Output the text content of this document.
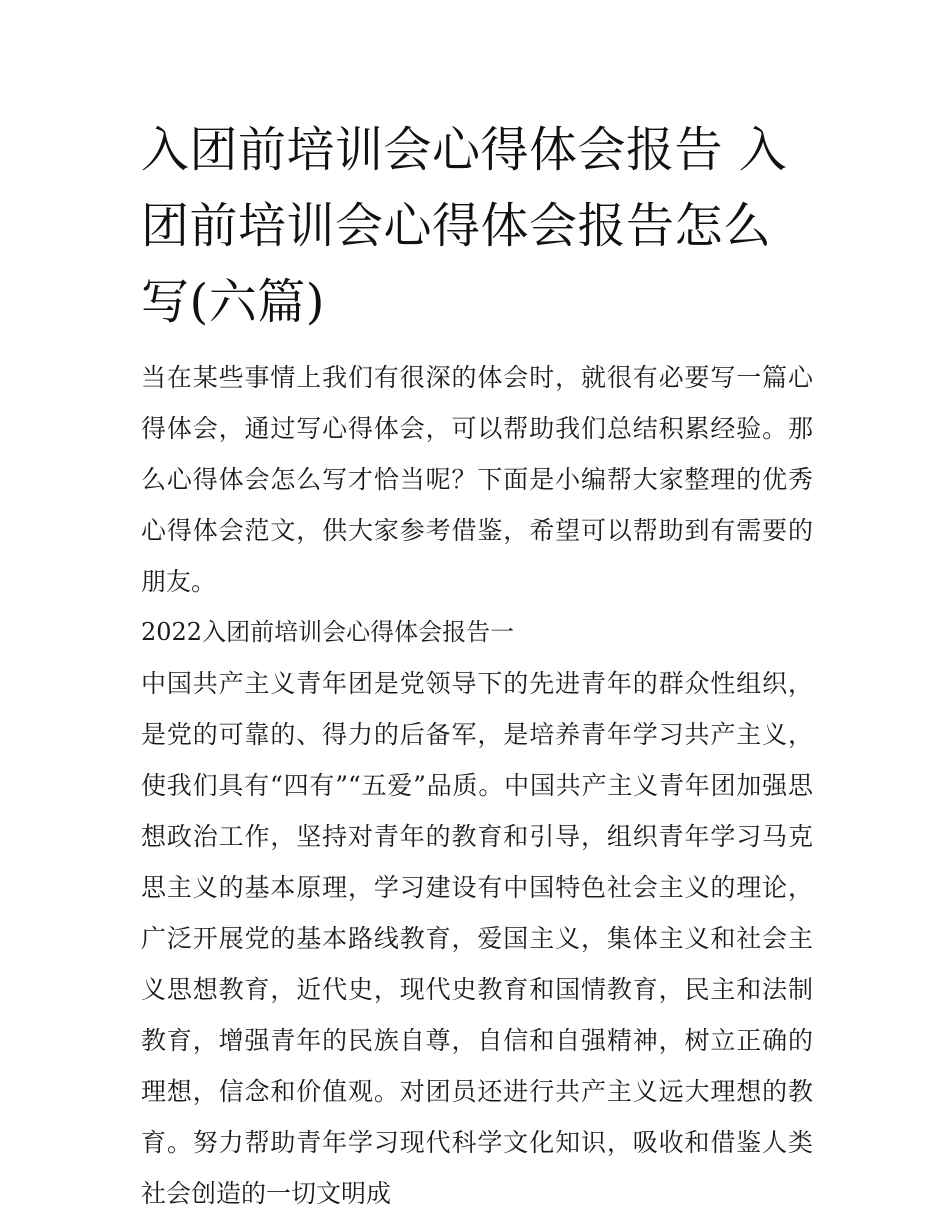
入团前培训会心得体会报告 入团前培训会心得体会报告怎么写(六篇)

当在某些事情上我们有很深的体会时，就很有必要写一篇心得体会，通过写心得体会，可以帮助我们总结积累经验。那么心得体会怎么写才恰当呢？下面是小编帮大家整理的优秀心得体会范文，供大家参考借鉴，希望可以帮助到有需要的朋友。

2022入团前培训会心得体会报告一

中国共产主义青年团是党领导下的先进青年的群众性组织，是党的可靠的、得力的后备军，是培养青年学习共产主义，使我们具有“四有”“五爱”品质。中国共产主义青年团加强思想政治工作，坚持对青年的教育和引导，组织青年学习马克思主义的基本原理，学习建设有中国特色社会主义的理论，广泛开展党的基本路线教育，爱国主义，集体主义和社会主义思想教育，近代史，现代史教育和国情教育，民主和法制教育，增强青年的民族自尊，自信和自强精神，树立正确的理想，信念和价值观。对团员还进行共产主义远大理想的教育。努力帮助青年学习现代科学文化知识，吸收和借鉴人类社会创造的一切文明成
